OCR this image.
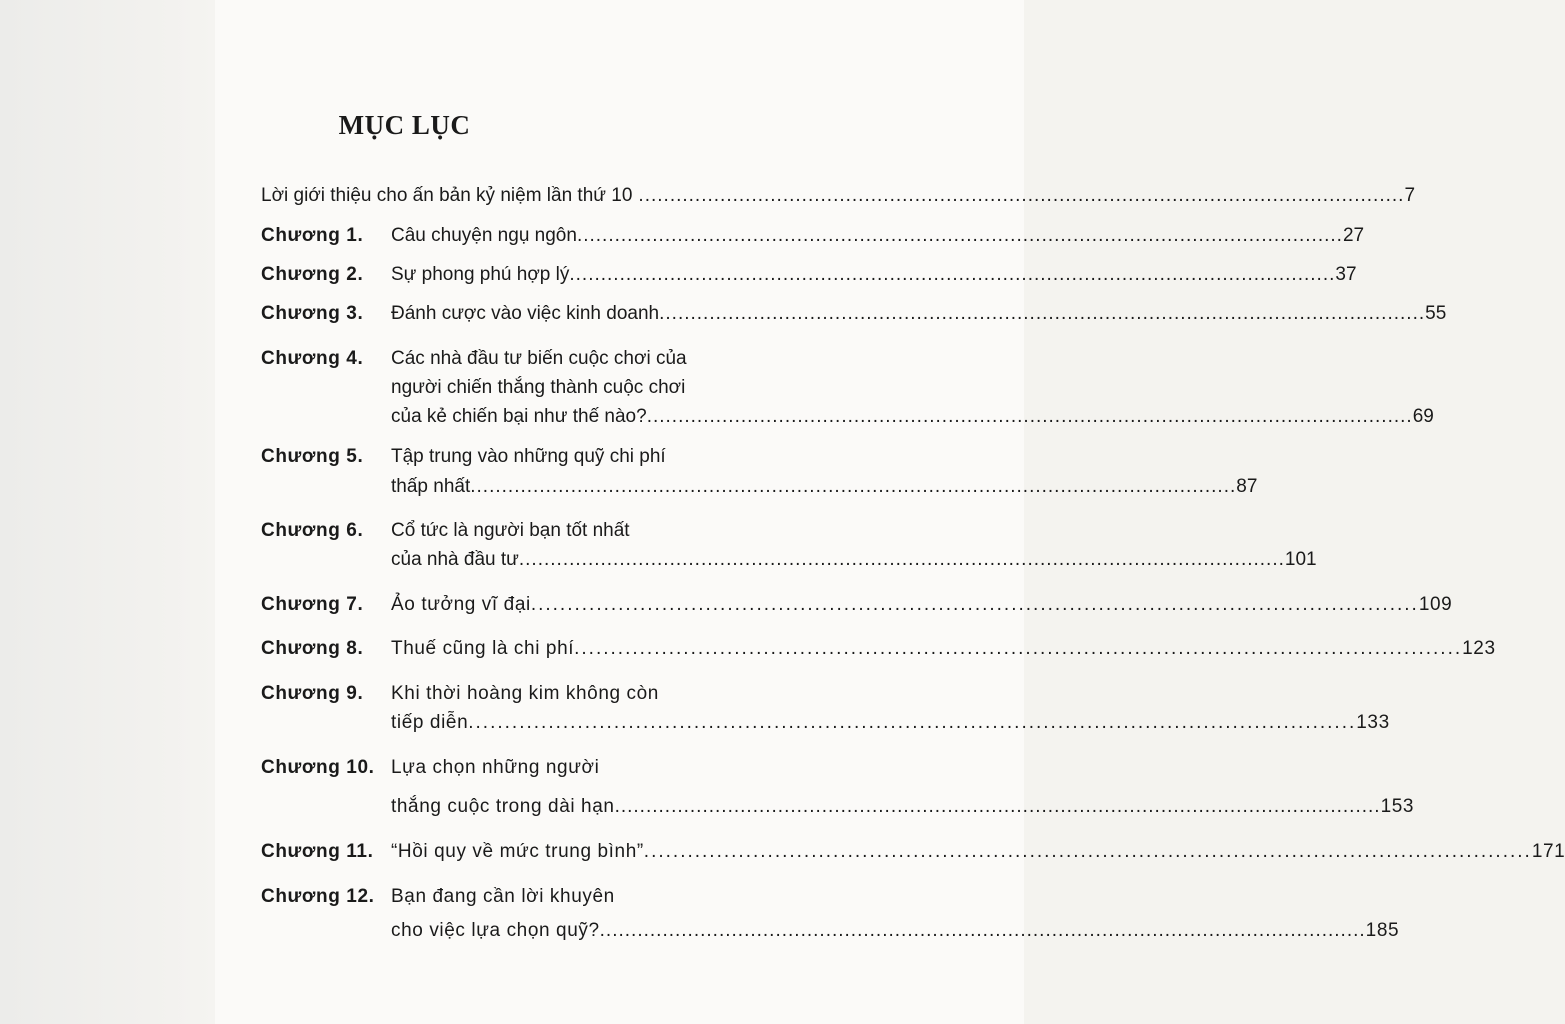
MỤC LỤC
Lời giới thiệu cho ấn bản kỷ niệm lần thứ 10 .......................................................................................................................... 7
Chương 1. Câu chuyện ngụ ngôn .......................................................................................................................... 27
Chương 2. Sự phong phú hợp lý .......................................................................................................................... 37
Chương 3. Đánh cược vào việc kinh doanh .......................................................................................................................... 55
Chương 4. Các nhà đầu tư biến cuộc chơi của
người chiến thắng thành cuộc chơi
của kẻ chiến bại như thế nào? .......................................................................................................................... 69
Chương 5. Tập trung vào những quỹ chi phí
thấp nhất .......................................................................................................................... 87
Chương 6. Cổ tức là người bạn tốt nhất
của nhà đầu tư .......................................................................................................................... 101
Chương 7. Ảo tưởng vĩ đại .......................................................................................................................... 109
Chương 8. Thuế cũng là chi phí .......................................................................................................................... 123
Chương 9. Khi thời hoàng kim không còn
tiếp diễn .......................................................................................................................... 133
Chương 10. Lựa chọn những người
thắng cuộc trong dài hạn .......................................................................................................................... 153
Chương 11. “Hồi quy về mức trung bình” .......................................................................................................................... 171
Chương 12. Bạn đang cần lời khuyên
cho việc lựa chọn quỹ? .......................................................................................................................... 185
